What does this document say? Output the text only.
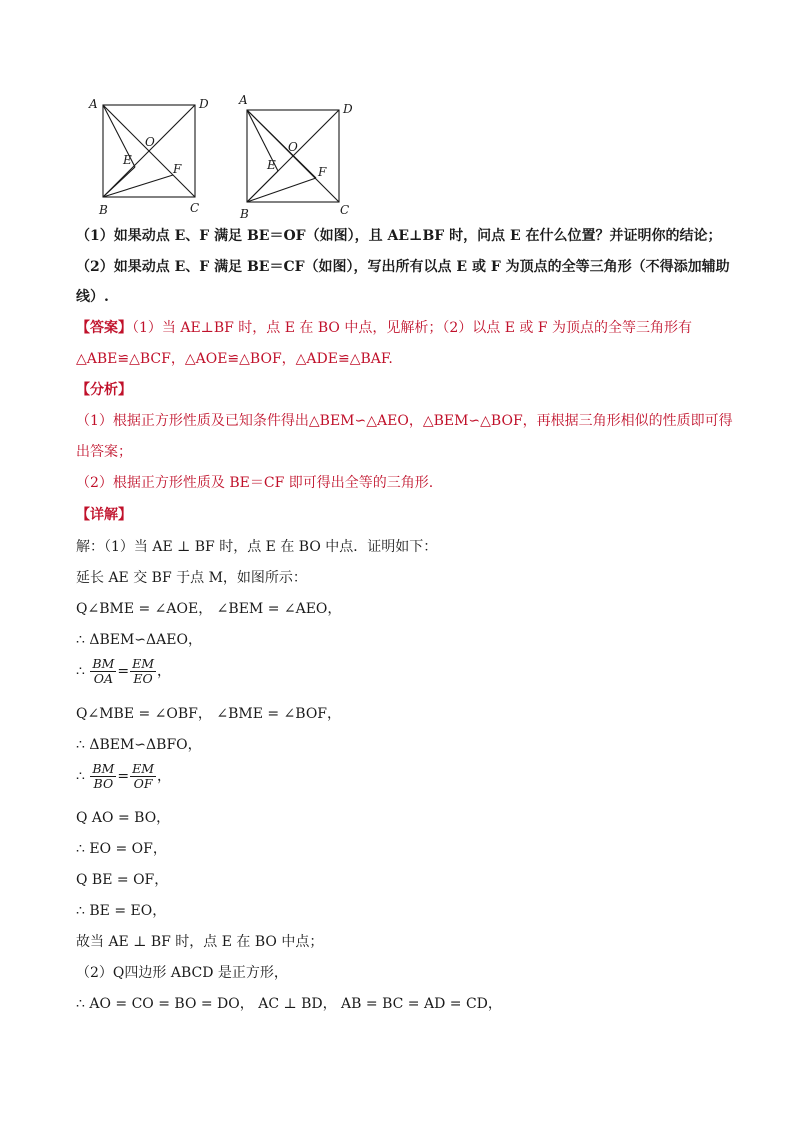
A	D
O
E
F
B	C
A
D
O
E	F
B	C
（1）如果动点 E、F 满足 BE＝OF（如图），且 AE⊥BF 时，问点 E 在什么位置？并证明你的结论；
（2）如果动点 E、F 满足 BE＝CF（如图），写出所有以点 E 或 F 为顶点的全等三角形（不得添加辅助
线）.
【答案】（1）当 AE⊥BF 时，点 E 在 BO 中点，见解析；（2）以点 E 或 F 为顶点的全等三角形有
△ABE≌△BCF，△AOE≌△BOF，△ADE≌△BAF.
【分析】
（1）根据正方形性质及已知条件得出△BEM∽△AEO，△BEM∽△BOF，再根据三角形相似的性质即可得
出答案；
（2）根据正方形性质及 BE＝CF 即可得出全等的三角形.
【详解】
解：（1）当 AE ⊥ BF 时，点 E 在 BO 中点．证明如下：
延长 AE 交 BF 于点 M，如图所示：
Q∠BME = ∠AOE， ∠BEM = ∠AEO，
∴ ΔBEM∽ΔAEO，
∴ $\frac{BM}{OA} = \frac{EM}{EO}$ ，
Q∠MBE = ∠OBF， ∠BME = ∠BOF，
∴ ΔBEM∽ΔBFO，
∴ $\frac{BM}{BO} = \frac{EM}{OF}$ ，
Q AO = BO，
∴ EO = OF，
Q BE = OF，
∴ BE = EO，
故当 AE ⊥ BF 时，点 E 在 BO 中点；
（2）Q四边形 ABCD 是正方形，
∴ AO = CO = BO = DO， AC ⊥ BD， AB = BC = AD = CD，
